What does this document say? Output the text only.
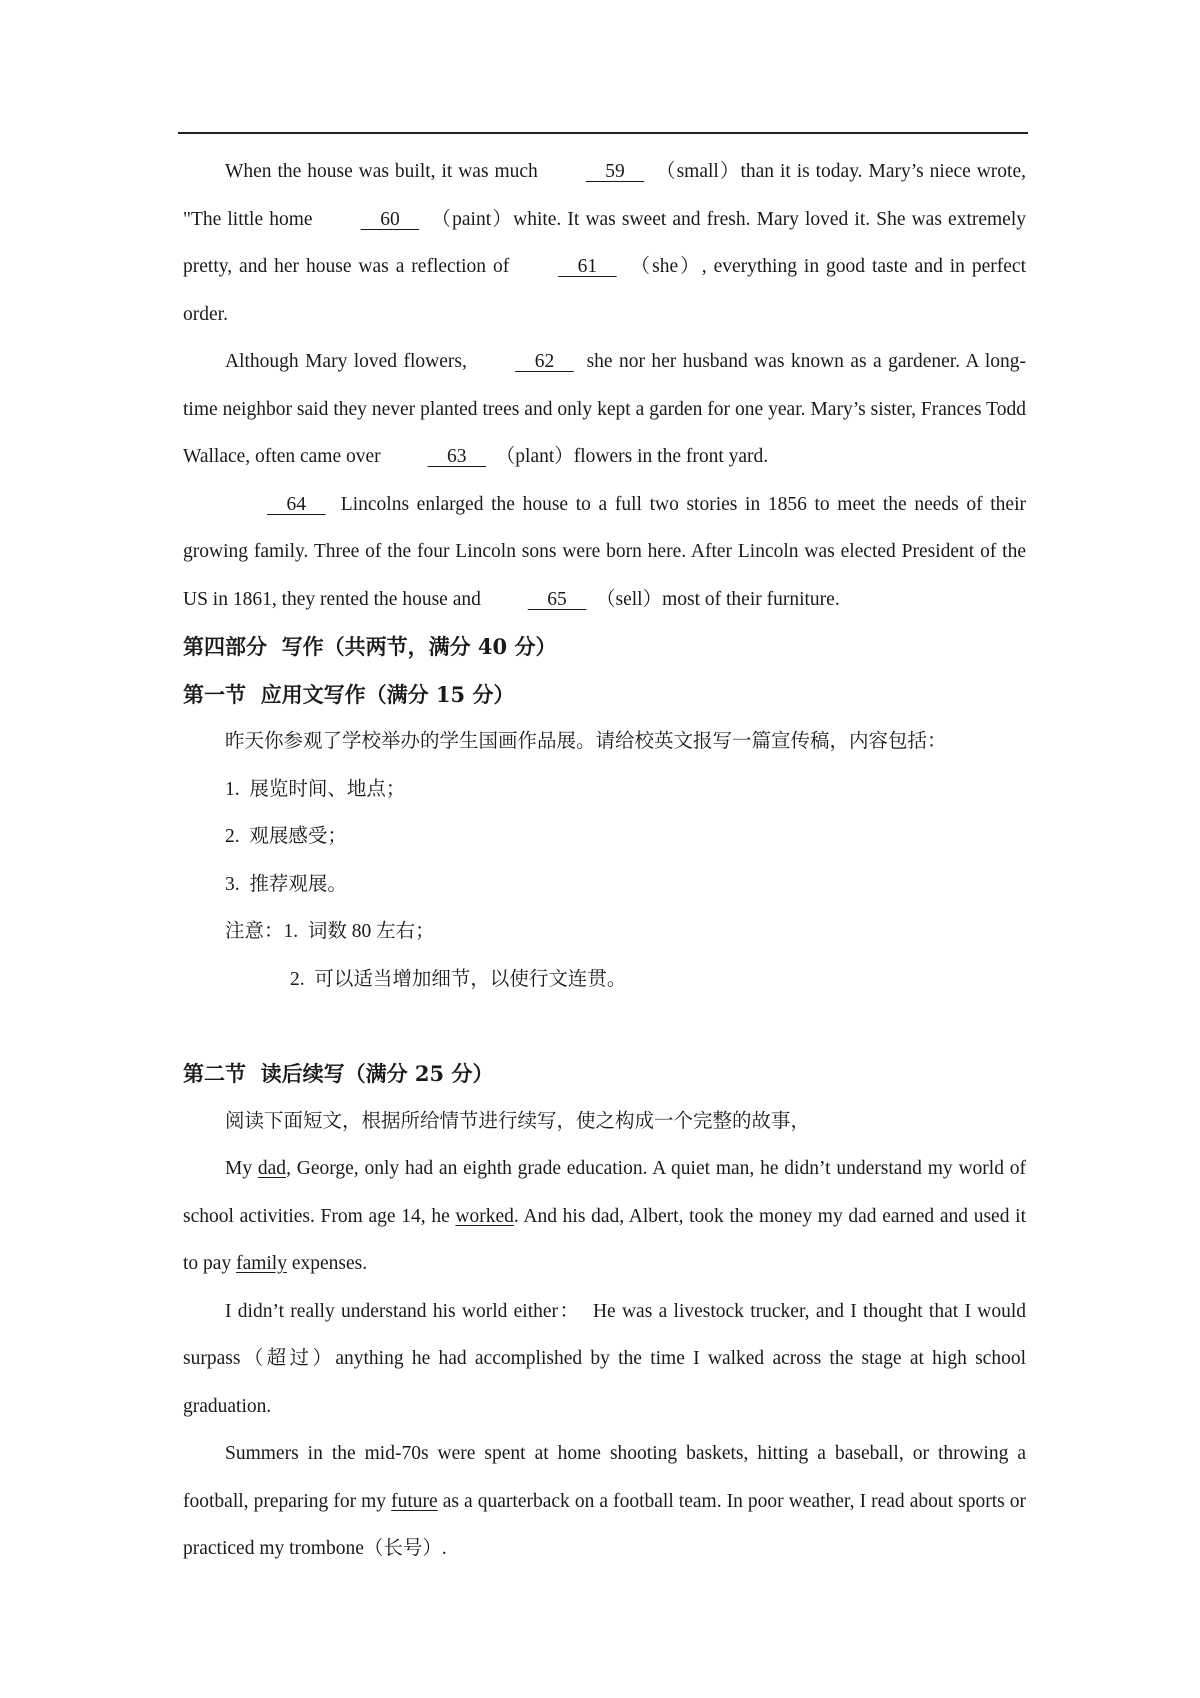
When the house was built, it was much     59      （small）than it is today. Mary’s niece wrote, "The little home     60      （paint）white. It was sweet and fresh. Mary loved it. She was extremely pretty, and her house was a reflection of     61      （she）, everything in good taste and in perfect order.

Although Mary loved flowers,     62      she nor her husband was known as a gardener. A long- time neighbor said they never planted trees and only kept a garden for one year. Mary’s sister, Frances Todd Wallace, often came over     63      （plant）flowers in the front yard.

64      Lincolns enlarged the house to a full two stories in 1856 to meet the needs of their growing family. Three of the four Lincoln sons were born here. After Lincoln was elected President of the US in 1861, they rented the house and     65      （sell）most of their furniture.

第四部分  写作（共两节，满分 40 分）

第一节  应用文写作（满分 15 分）

昨天你参观了学校举办的学生国画作品展。请给校英文报写一篇宣传稿，内容包括：

1.  展览时间、地点；

2.  观展感受；

3.  推荐观展。

注意：1.  词数 80 左右；

2.  可以适当增加细节，以使行文连贯。

第二节  读后续写（满分 25 分）

阅读下面短文，根据所给情节进行续写，使之构成一个完整的故事，

My dad, George, only had an eighth grade education. A quiet man, he didn’t understand my world of school activities. From age 14, he worked. And his dad, Albert, took the money my dad earned and used it to pay family expenses.

I didn’t really understand his world either：  He was a livestock trucker, and I thought that I would surpass（超过）anything he had accomplished by the time I walked across the stage at high school graduation.

Summers in the mid-70s were spent at home shooting baskets, hitting a baseball, or throwing a football, preparing for my future as a quarterback on a football team. In poor weather, I read about sports or practiced my trombone（长号）.
